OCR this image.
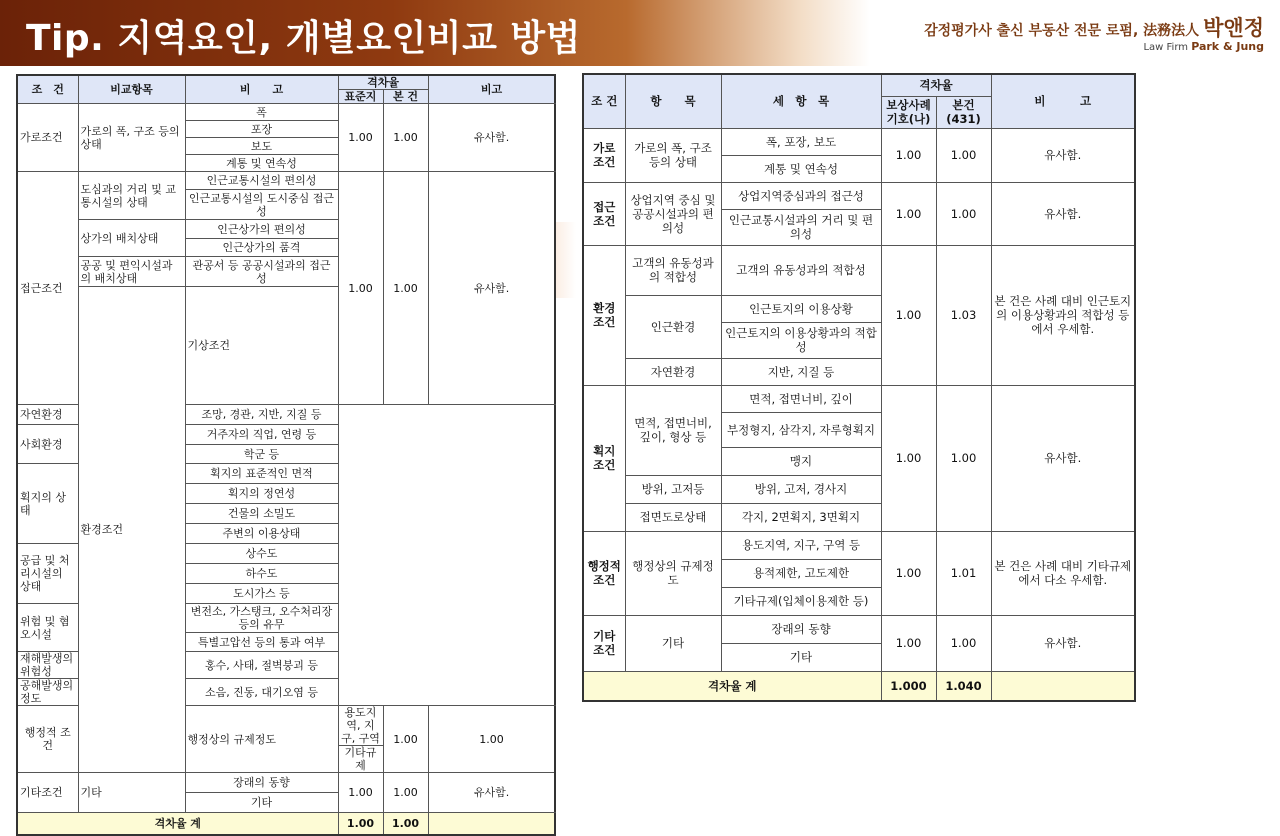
Tip. 지역요인, 개별요인비교 방법	감정평가사 출신 부동산 전문 로펌, 法務法人 박앤정
Law Firm Park & Jung
조　건	비교항목	비　　고	격차율		비고	
			표준지	본 건		
가로조건	가로의 폭, 구조 등의 상태	폭	1.00	1.00	유사함.	
		포장				
		보도				
		계통 및 연속성				
접근조건	도심과의 거리 및 교통시설의 상태	인근교통시설의 편의성	1.00	1.00	유사함.	
		인근교통시설의 도시중심 접근성				
	상가의 배치상태	인근상가의 편의성				
		인근상가의 품격				
	공공 및 편익시설과의 배치상태	관공서 등 공공시설과의 접근성				
	환경조건	기상조건				
자연환경		조망, 경관, 지반, 지질 등				
사회환경		거주자의 직업, 연령 등				
		학군 등				
획지의 상태		획지의 표준적인 면적				
		획지의 정연성				
		건물의 소밀도				
		주변의 이용상태				
공급 및 처리시설의 상태		상수도				
		하수도				
		도시가스 등				
위험 및 혐오시설		변전소, 가스탱크, 오수처리장 등의 유무				
		특별고압선 등의 통과 여부				
재해발생의 위험성		홍수, 사태, 절벽붕괴 등				
공해발생의 정도		소음, 진동, 대기오염 등				
행정적 조건		행정상의 규제정도	용도지역, 지구, 구역	1.00	1.00	
			기타규제			
기타조건	기타	장래의 동향	1.00	1.00	유사함.	
		기타				
격차율 계			1.00	1.00		
조 건	항　　목	세　항　목	격차율		비　　　고
			보상사례 기호(나)	본건 (431)	
가로 조건	가로의 폭, 구조 등의 상태	폭, 포장, 보도	1.00	1.00	유사함.
		계통 및 연속성			
접근 조건	상업지역 중심 및 공공시설과의 편의성	상업지역중심과의 접근성	1.00	1.00	유사함.
		인근교통시설과의 거리 및 편의성			
환경 조건	고객의 유동성과의 적합성	고객의 유동성과의 적합성	1.00	1.03	본 건은 사례 대비 인근토지의 이용상황과의 적합성 등에서 우세함.
	인근환경	인근토지의 이용상황			
		인근토지의 이용상황과의 적합성			
	자연환경	지반, 지질 등			
획지 조건	면적, 접면너비, 깊이, 형상 등	면적, 접면너비, 깊이	1.00	1.00	유사함.
		부정형지, 삼각지, 자루형획지			
		맹지			
	방위, 고저등	방위, 고저, 경사지			
	접면도로상태	각지, 2면획지, 3면획지			
행정적 조건	행정상의 규제정도	용도지역, 지구, 구역 등	1.00	1.01	본 건은 사례 대비 기타규제에서 다소 우세함.
		용적제한, 고도제한			
		기타규제(입체이용제한 등)			
기타 조건	기타	장래의 동향	1.00	1.00	유사함.
		기타			
격차율 계			1.000	1.040	
